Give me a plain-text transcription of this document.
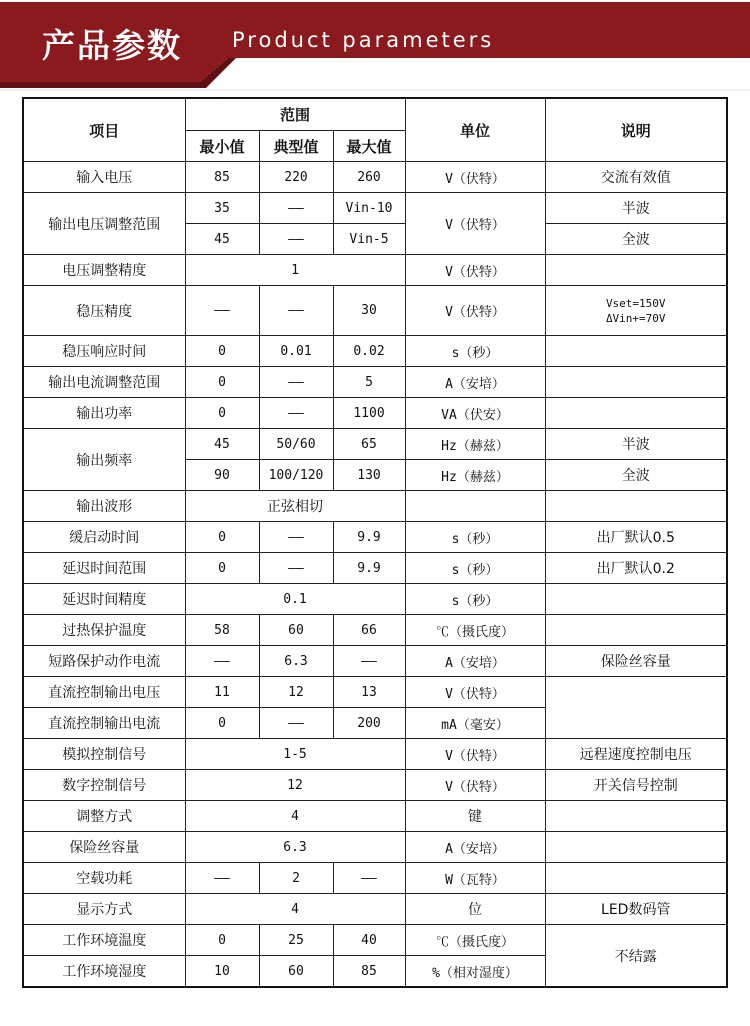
产品参数 Product parameters
项目	范围			单位	说明
	最小值	典型值	最大值		
输入电压	85	220	260	V（伏特）	交流有效值
输出电压调整范围	35	——	Vin-10	V（伏特）	半波
	45	——	Vin-5		全波
电压调整精度	1			V（伏特）	
稳压精度	——	——	30	V（伏特）	Vset=150V
ΔVin+=70V

稳压响应时间	0	0.01	0.02	s（秒）	
输出电流调整范围	0	——	5	A（安培）	
输出功率	0	——	1100	VA（伏安）	
输出频率	45	50/60	65	Hz（赫兹）	半波
	90	100/120	130	Hz（赫兹）	全波
输出波形	正弦相切				
缓启动时间	0	——	9.9	s（秒）	出厂默认0.5
延迟时间范围	0	——	9.9	s（秒）	出厂默认0.2
延迟时间精度	0.1			s（秒）	
过热保护温度	58	60	66	℃（摄氏度）	
短路保护动作电流	——	6.3	——	A（安培）	保险丝容量
直流控制输出电压	11	12	13	V（伏特）	
直流控制输出电流	0	——	200	mA（毫安）	
模拟控制信号	1-5			V（伏特）	远程速度控制电压
数字控制信号	12			V（伏特）	开关信号控制
调整方式	4			键	
保险丝容量	6.3			A（安培）	
空载功耗	——	2	——	W（瓦特）	
显示方式	4			位	LED数码管
工作环境温度	0	25	40	℃（摄氏度）	不结露
工作环境湿度	10	60	85	%（相对湿度）	
